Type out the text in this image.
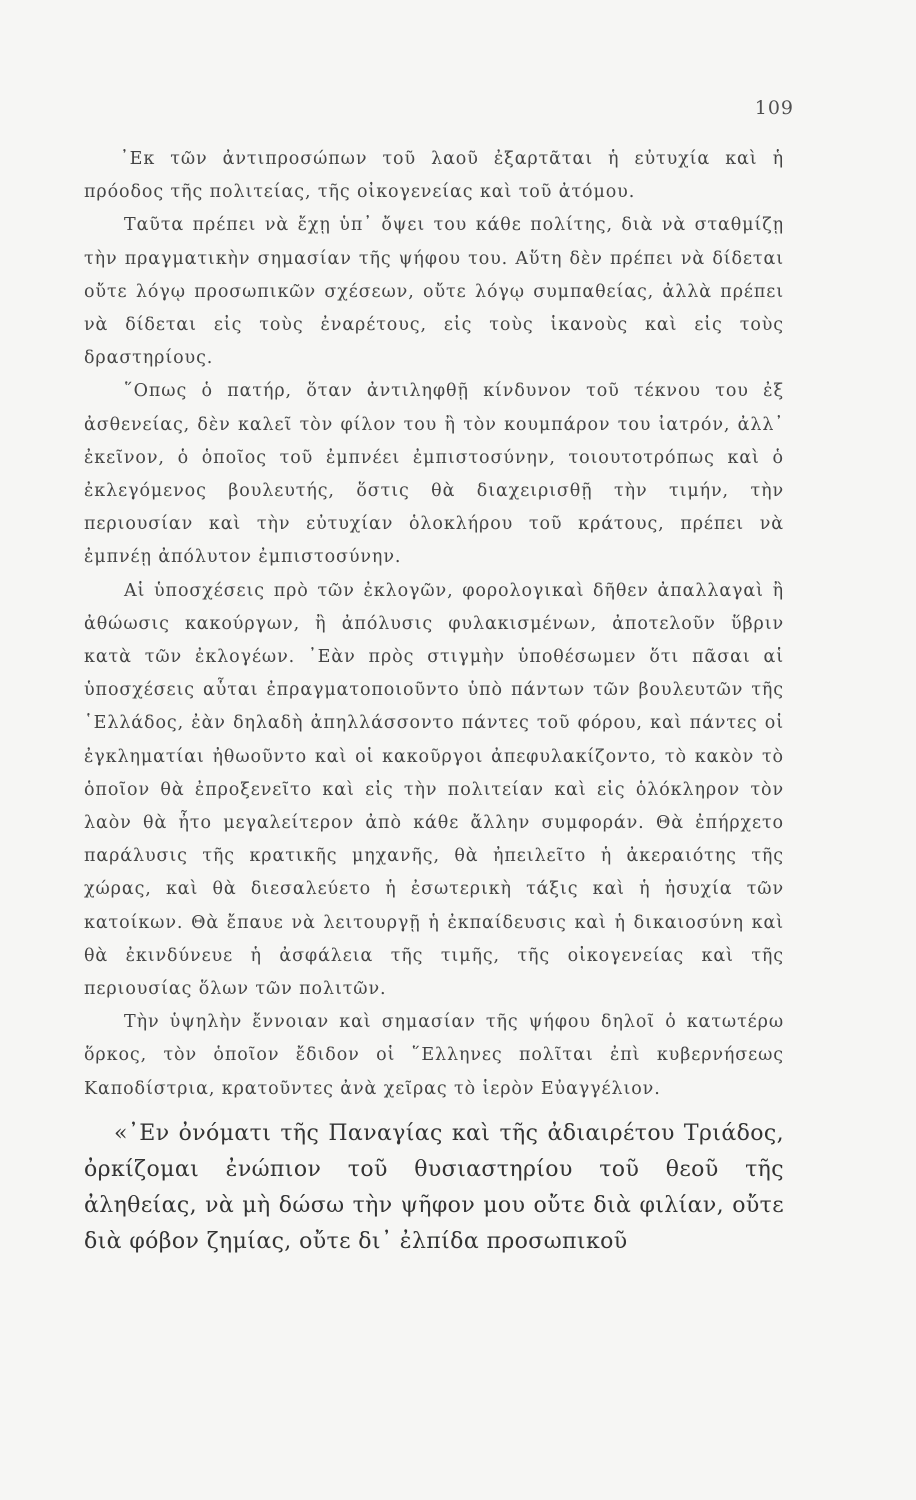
109

᾿Εκ τῶν ἀντιπροσώπων τοῦ λαοῦ ἐξαρτᾶται ἡ εὐτυχία καὶ ἡ πρόοδος τῆς πολιτείας, τῆς οἰκογενείας καὶ τοῦ ἀτόμου.

Ταῦτα πρέπει νὰ ἔχῃ ὑπ᾿ ὄψει του κάθε πολίτης, διὰ νὰ σταθμίζῃ τὴν πραγματικὴν σημασίαν τῆς ψήφου του. Αὕτη δὲν πρέπει νὰ δίδεται οὔτε λόγῳ προσωπικῶν σχέσεων, οὔτε λόγῳ συμπαθείας, ἀλλὰ πρέπει νὰ δίδεται εἰς τοὺς ἐναρέτους, εἰς τοὺς ἱκανοὺς καὶ εἰς τοὺς δραστηρίους.

῞Οπως ὁ πατήρ, ὅταν ἀντιληφθῇ κίνδυνον τοῦ τέκνου του ἐξ ἀσθενείας, δὲν καλεῖ τὸν φίλον του ἢ τὸν κουμπάρον του ἰατρόν, ἀλλ᾿ ἐκεῖνον, ὁ ὁποῖος τοῦ ἐμπνέει ἐμπιστοσύνην, τοιουτοτρόπως καὶ ὁ ἐκλεγόμενος βουλευτής, ὅστις θὰ διαχειρισθῇ τὴν τιμήν, τὴν περιουσίαν καὶ τὴν εὐτυχίαν ὁλοκλήρου τοῦ κράτους, πρέπει νὰ ἐμπνέῃ ἀπόλυτον ἐμπιστοσύνην.

Αἱ ὑποσχέσεις πρὸ τῶν ἐκλογῶν, φορολογικαὶ δῆθεν ἀπαλλαγαὶ ἢ ἀθώωσις κακούργων, ἢ ἀπόλυσις φυλακισμένων, ἀποτελοῦν ὕβριν κατὰ τῶν ἐκλογέων. ᾿Εὰν πρὸς στιγμὴν ὑποθέσωμεν ὅτι πᾶσαι αἱ ὑποσχέσεις αὗται ἐπραγματοποιοῦντο ὑπὸ πάντων τῶν βουλευτῶν τῆς ῾Ελλάδος, ἐὰν δηλαδὴ ἀπηλλάσσοντο πάντες τοῦ φόρου, καὶ πάντες οἱ ἐγκληματίαι ἠθωοῦντο καὶ οἱ κακοῦργοι ἀπεφυλακίζοντο, τὸ κακὸν τὸ ὁποῖον θὰ ἐπροξενεῖτο καὶ εἰς τὴν πολιτείαν καὶ εἰς ὁλόκληρον τὸν λαὸν θὰ ἦτο μεγαλείτερον ἀπὸ κάθε ἄλλην συμφοράν. Θὰ ἐπήρχετο παράλυσις τῆς κρατικῆς μηχανῆς, θὰ ἠπειλεῖτο ἡ ἀκεραιότης τῆς χώρας, καὶ θὰ διεσαλεύετο ἡ ἐσωτερικὴ τάξις καὶ ἡ ἡσυχία τῶν κατοίκων. Θὰ ἔπαυε νὰ λειτουργῇ ἡ ἐκπαίδευσις καὶ ἡ δικαιοσύνη καὶ θὰ ἐκινδύνευε ἡ ἀσφάλεια τῆς τιμῆς, τῆς οἰκογενείας καὶ τῆς περιουσίας ὅλων τῶν πολιτῶν.

Τὴν ὑψηλὴν ἔννοιαν καὶ σημασίαν τῆς ψήφου δηλοῖ ὁ κατωτέρω ὅρκος, τὸν ὁποῖον ἔδιδον οἱ ῞Ελληνες πολῖται ἐπὶ κυβερνήσεως Καποδίστρια, κρατοῦντες ἀνὰ χεῖρας τὸ ἱερὸν Εὐαγγέλιον.

«᾿Εν ὀνόματι τῆς Παναγίας καὶ τῆς ἀδιαιρέτου Τριάδος, ὀρκίζομαι ἐνώπιον τοῦ θυσιαστηρίου τοῦ θεοῦ τῆς ἀληθείας, νὰ μὴ δώσω τὴν ψῆφον μου οὔτε διὰ φιλίαν, οὔτε διὰ φόβον ζημίας, οὔτε δι᾿ ἐλπίδα προσωπικοῦ
